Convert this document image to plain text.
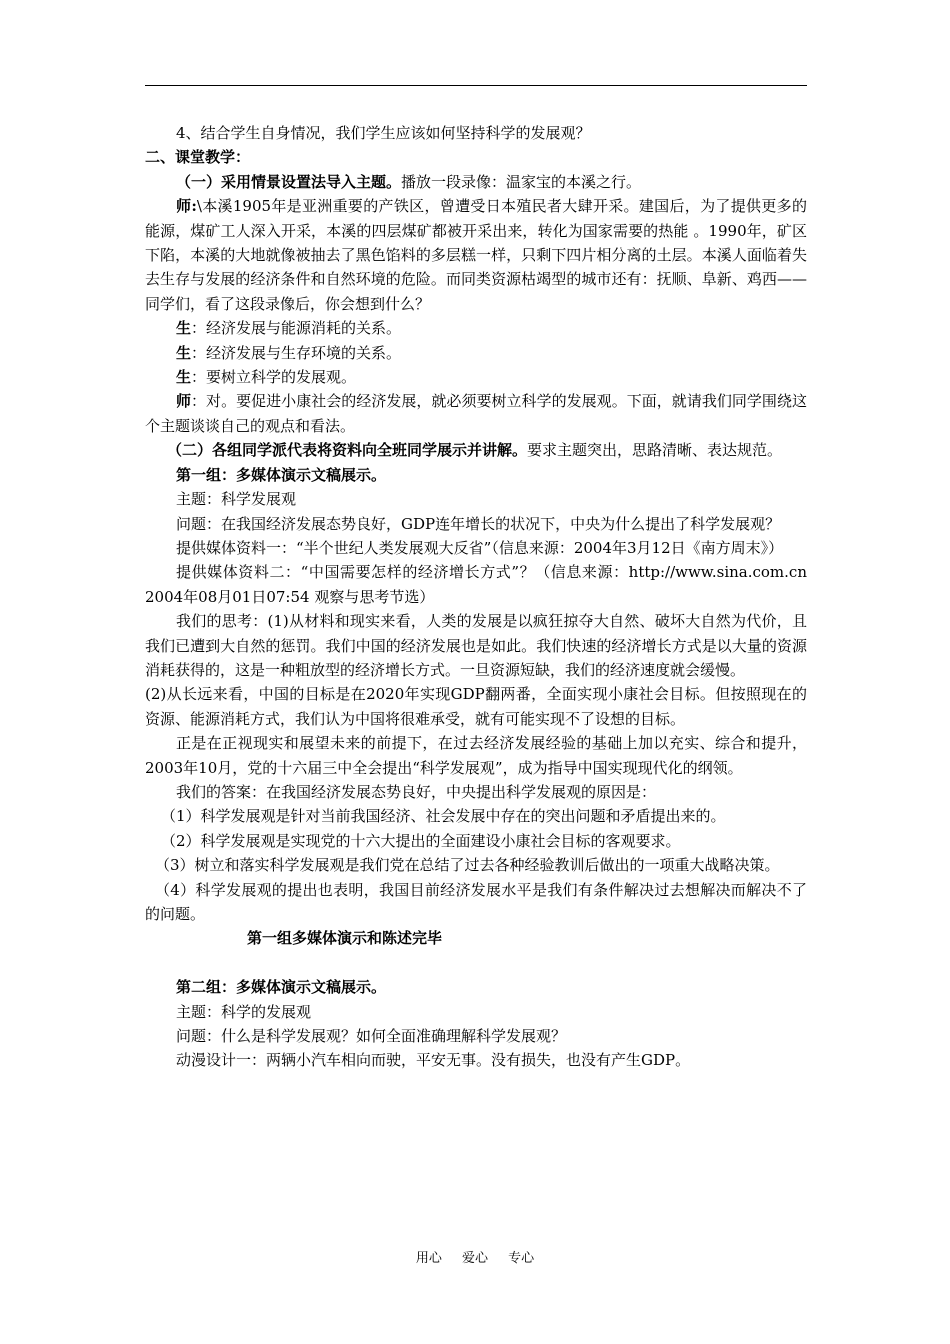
4、结合学生自身情况，我们学生应该如何坚持科学的发展观？

二、课堂教学：

（一）采用情景设置法导入主题。播放一段录像：温家宝的本溪之行。

师:\本溪1905年是亚洲重要的产铁区，曾遭受日本殖民者大肆开采。建国后，为了提供更多的能源，煤矿工人深入开采，本溪的四层煤矿都被开采出来，转化为国家需要的热能 。1990年，矿区下陷，本溪的大地就像被抽去了黑色馅料的多层糕一样，只剩下四片相分离的土层。本溪人面临着失去生存与发展的经济条件和自然环境的危险。而同类资源枯竭型的城市还有：抚顺、阜新、鸡西——同学们，看了这段录像后，你会想到什么？

生：经济发展与能源消耗的关系。

生：经济发展与生存环境的关系。

生：要树立科学的发展观。

师：对。要促进小康社会的经济发展，就必须要树立科学的发展观。下面，就请我们同学围绕这个主题谈谈自己的观点和看法。

（二）各组同学派代表将资料向全班同学展示并讲解。要求主题突出，思路清晰、表达规范。

第一组：多媒体演示文稿展示。

主题：科学发展观

问题：在我国经济发展态势良好，GDP连年增长的状况下，中央为什么提出了科学发展观？

提供媒体资料一：“半个世纪人类发展观大反省”（信息来源：2004年3月12日《南方周末》）

提供媒体资料二：“中国需要怎样的经济增长方式”？（信息来源：http://www.sina.com.cn 2004年08月01日07:54 观察与思考节选）

我们的思考：(1)从材料和现实来看，人类的发展是以疯狂掠夺大自然、破坏大自然为代价，且我们已遭到大自然的惩罚。我们中国的经济发展也是如此。我们快速的经济增长方式是以大量的资源消耗获得的，这是一种粗放型的经济增长方式。一旦资源短缺，我们的经济速度就会缓慢。

(2)从长远来看，中国的目标是在2020年实现GDP翻两番，全面实现小康社会目标。但按照现在的资源、能源消耗方式，我们认为中国将很难承受，就有可能实现不了设想的目标。

正是在正视现实和展望未来的前提下，在过去经济发展经验的基础上加以充实、综合和提升，2003年10月，党的十六届三中全会提出“科学发展观”，成为指导中国实现现代化的纲领。

我们的答案：在我国经济发展态势良好，中央提出科学发展观的原因是：

（1）科学发展观是针对当前我国经济、社会发展中存在的突出问题和矛盾提出来的。

（2）科学发展观是实现党的十六大提出的全面建设小康社会目标的客观要求。

（3）树立和落实科学发展观是我们党在总结了过去各种经验教训后做出的一项重大战略决策。

（4）科学发展观的提出也表明，我国目前经济发展水平是我们有条件解决过去想解决而解决不了的问题。

第一组多媒体演示和陈述完毕

第二组：多媒体演示文稿展示。

主题：科学的发展观

问题：什么是科学发展观？如何全面准确理解科学发展观？

动漫设计一：两辆小汽车相向而驶，平安无事。没有损失，也没有产生GDP。

用心 爱心 专心
